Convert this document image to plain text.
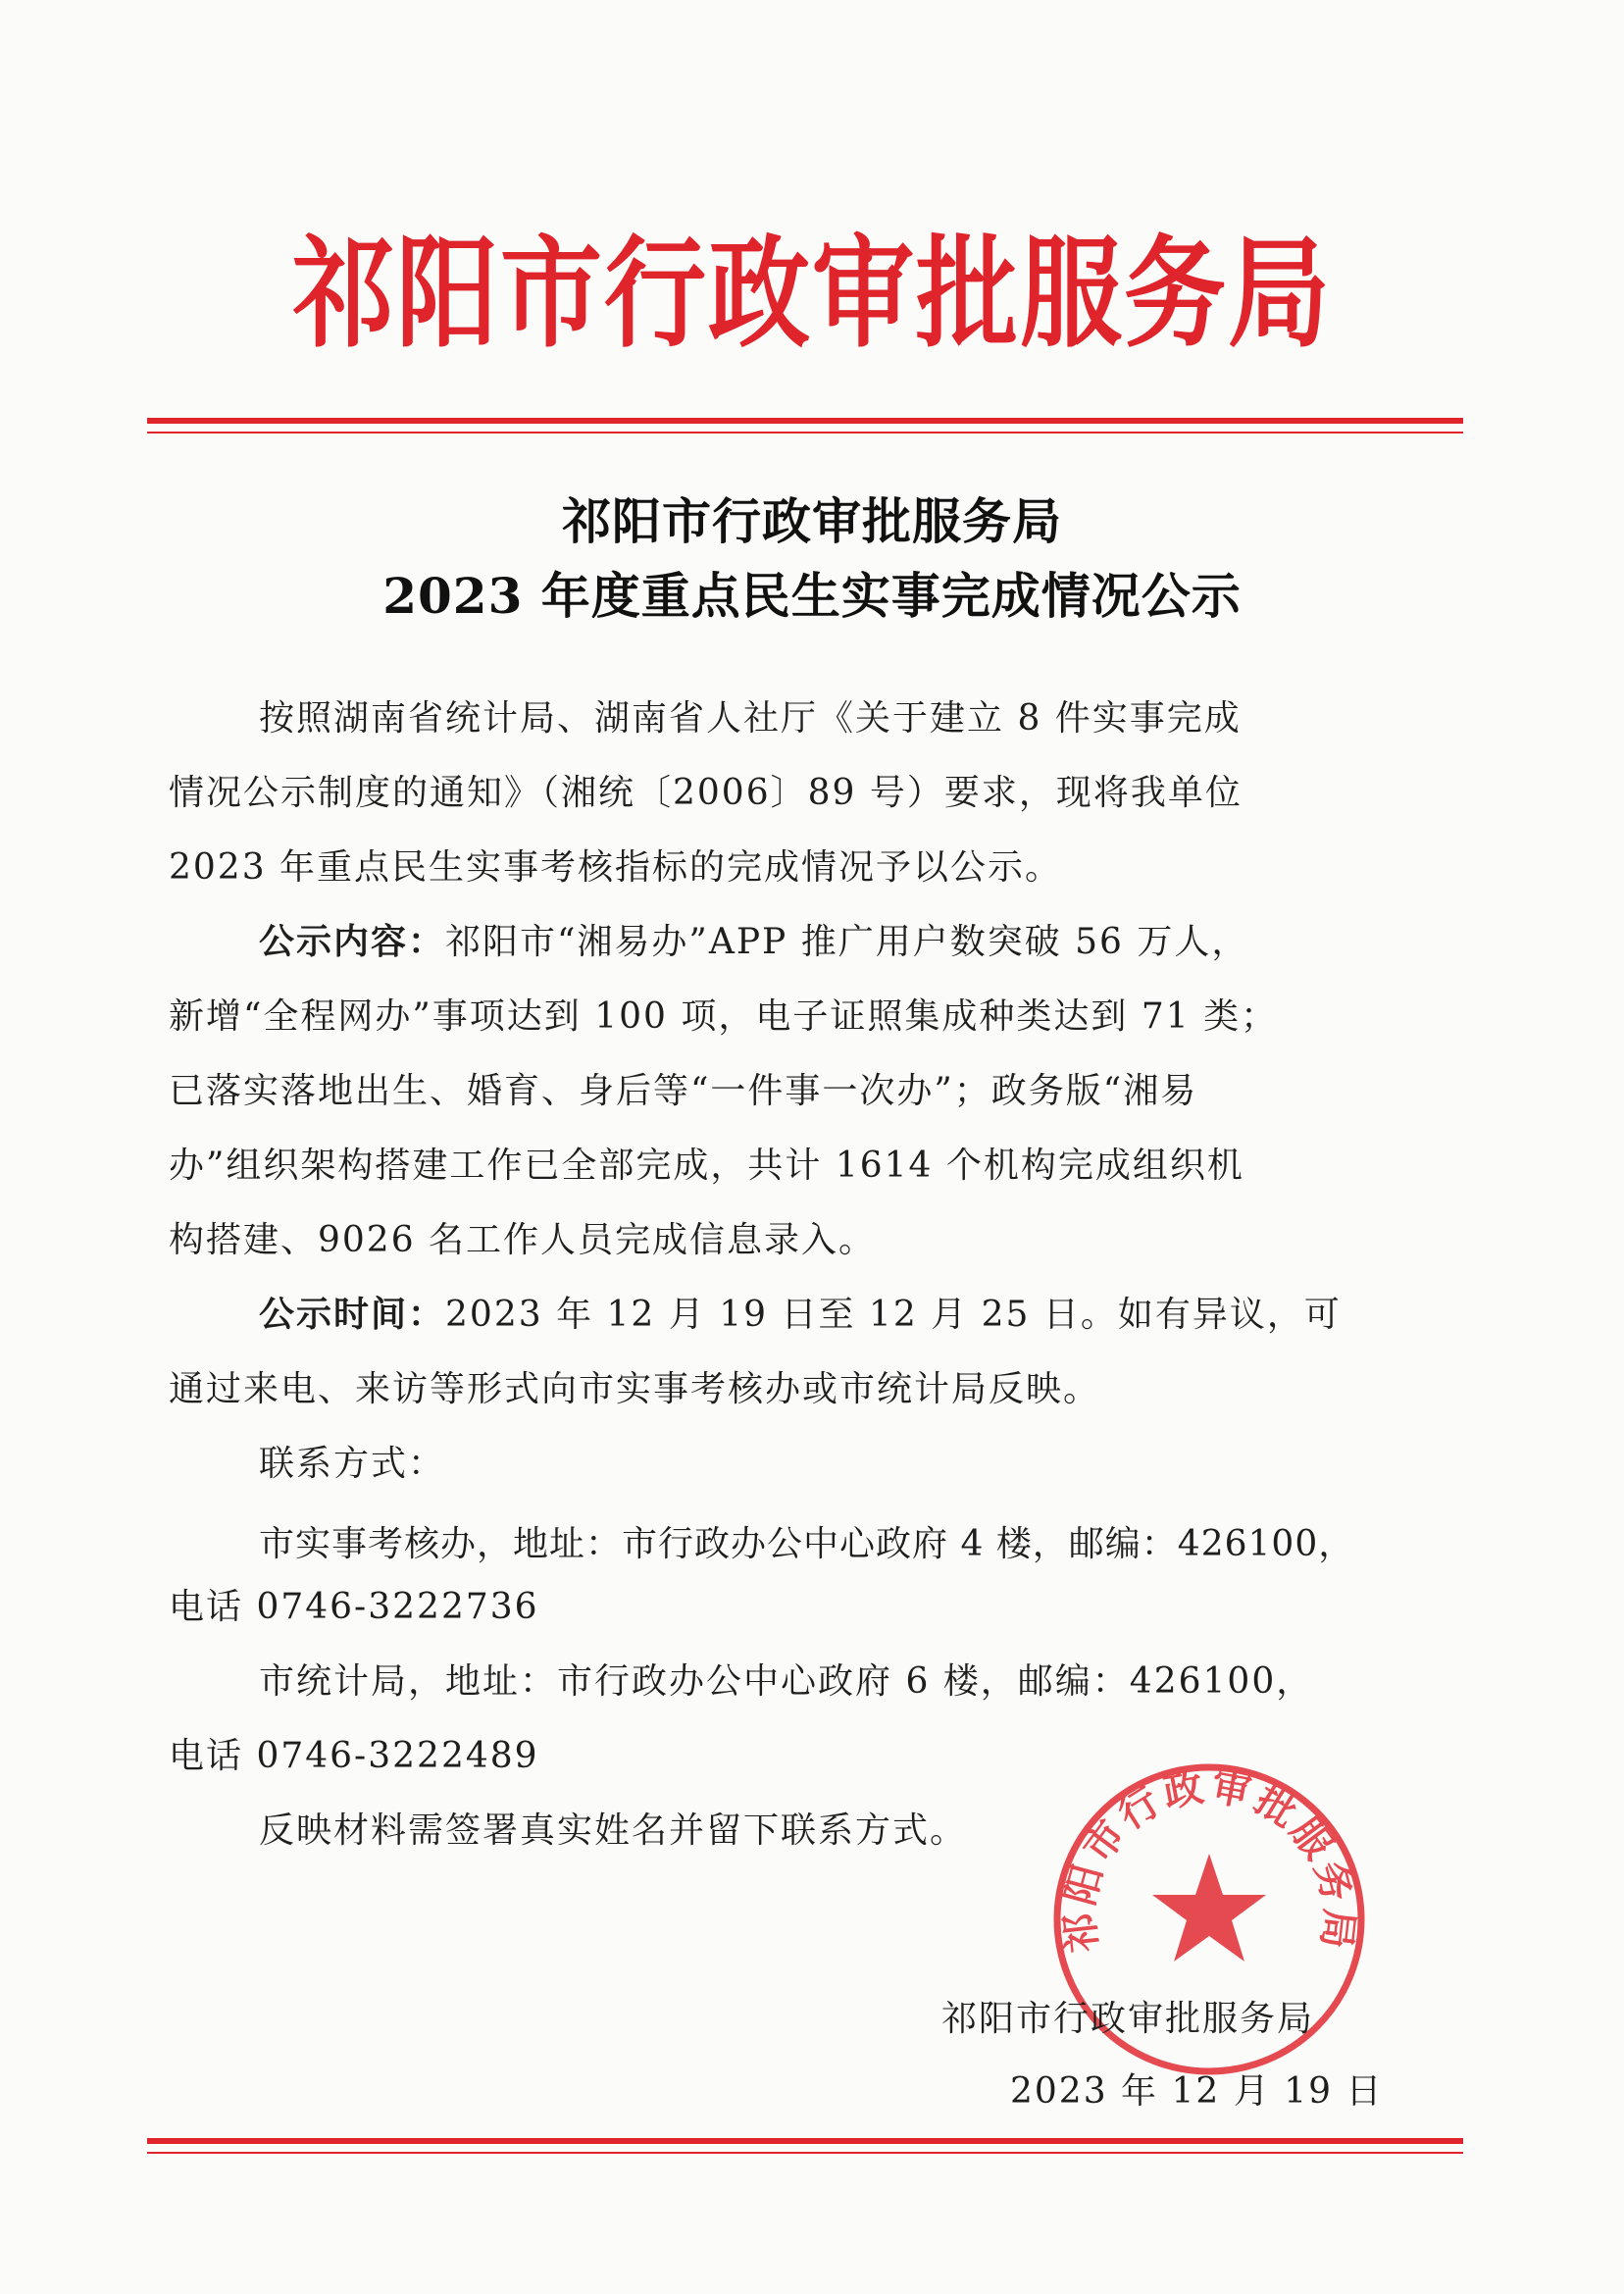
祁阳市行政审批服务局
祁阳市行政审批服务局
2023 年度重点民生实事完成情况公示
按照湖南省统计局、湖南省人社厅《关于建立 8 件实事完成
情况公示制度的通知》（湘统〔2006〕89 号）要求，现将我单位
2023 年重点民生实事考核指标的完成情况予以公示。
公示内容：祁阳市“湘易办”APP 推广用户数突破 56 万人，
新增“全程网办”事项达到 100 项，电子证照集成种类达到 71 类；
已落实落地出生、婚育、身后等“一件事一次办”；政务版“湘易
办”组织架构搭建工作已全部完成，共计 1614 个机构完成组织机
构搭建、9026 名工作人员完成信息录入。
公示时间：2023 年 12 月 19 日至 12 月 25 日。如有异议，可
通过来电、来访等形式向市实事考核办或市统计局反映。
联系方式：
市实事考核办，地址：市行政办公中心政府 4 楼，邮编：426100，
电话 0746-3222736
市统计局，地址：市行政办公中心政府 6 楼，邮编：426100，
电话 0746-3222489
反映材料需签署真实姓名并留下联系方式。
祁阳市行政审批服务局
祁阳市行政审批服务局
2023 年 12 月 19 日
